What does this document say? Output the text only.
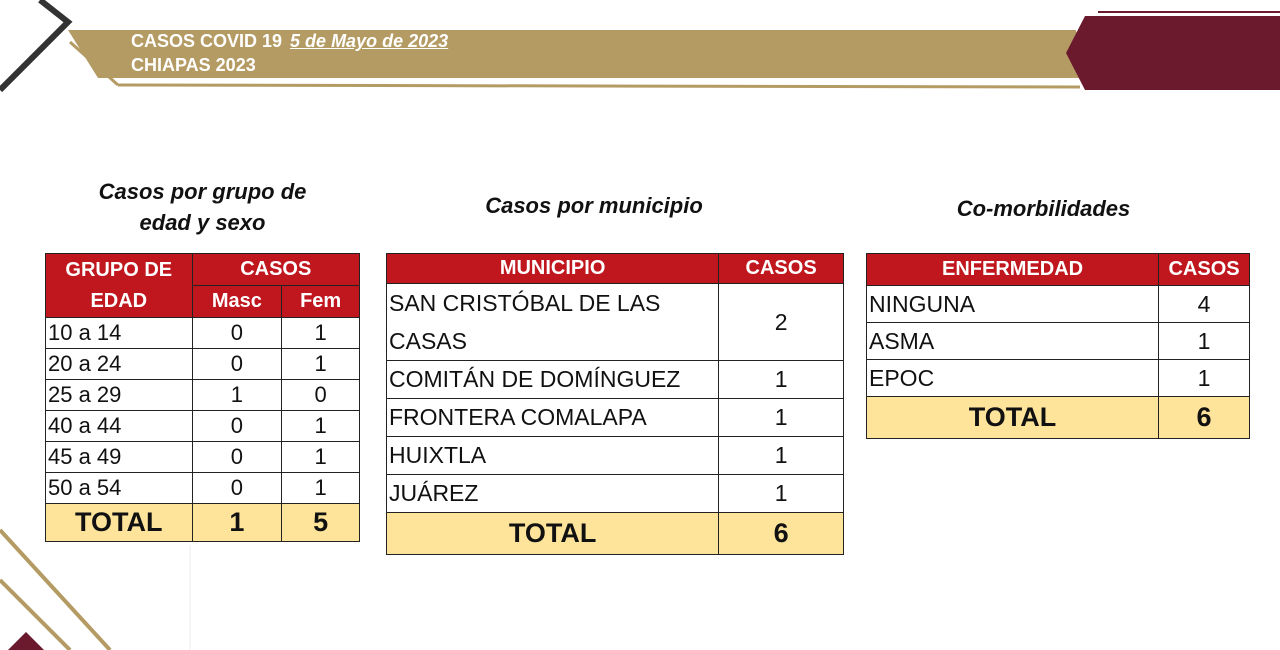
CASOS COVID 19 5 de Mayo de 2023
CHIAPAS 2023
Casos por grupo de
edad y sexo
GRUPO DE
EDAD	CASOS	
	Masc	Fem
10 a 14	0	1
20 a 24	0	1
25 a 29	1	0
40 a 44	0	1
45 a 49	0	1
50 a 54	0	1
TOTAL	1	5
Casos por municipio
MUNICIPIO	CASOS

SAN CRISTÓBAL DE LAS
CASAS	2
COMITÁN DE DOMÍNGUEZ	1
FRONTERA COMALAPA	1
HUIXTLA	1
JUÁREZ	1
TOTAL	6
Co-morbilidades
ENFERMEDAD	CASOS
NINGUNA	4
ASMA	1
EPOC	1
TOTAL	6
